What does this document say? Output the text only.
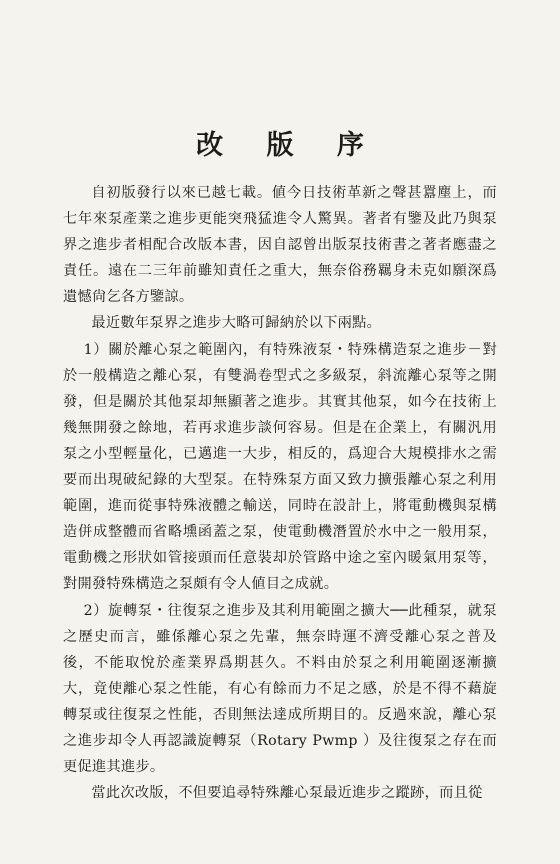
改 版 序

自初版發行以來已越七載。値今日技術革新之聲甚囂塵上，而七年來泵產業之進步更能突飛猛進令人驚異。著者有鑒及此乃與泵界之進步者相配合改版本書，因自認曾出版泵技術書之著者應盡之責任。遠在二三年前雖知責任之重大，無奈俗務羈身未克如願深爲遺憾尙乞各方鑒諒。

最近數年泵界之進步大略可歸納於以下兩點。

1）關於離心泵之範圍內，有特殊液泵・特殊構造泵之進步－對於一般構造之離心泵，有雙渦卷型式之多級泵，斜流離心泵等之開發，但是關於其他泵却無顯著之進步。其實其他泵，如今在技術上幾無開發之餘地，若再求進步談何容易。但是在企業上，有關汎用泵之小型輕量化，已邁進一大步，相反的，爲迎合大規模排水之需要而出現破紀錄的大型泵。在特殊泵方面又致力擴張離心泵之利用範圍，進而從事特殊液體之輸送，同時在設計上，將電動機與泵構造併成整體而省略壎函蓋之泵，使電動機潛置於水中之一般用泵，電動機之形狀如管接頭而任意裝却於管路中途之室內暖氣用泵等，對開發特殊構造之泵頗有令人値目之成就。

2）旋轉泵・往復泵之進步及其利用範圍之擴大──此種泵，就泵之歷史而言，雖係離心泵之先輩，無奈時運不濟受離心泵之普及後，不能取悅於產業界爲期甚久。不料由於泵之利用範圍逐漸擴大，竟使離心泵之性能，有心有餘而力不足之感，於是不得不藉旋轉泵或往復泵之性能，否則無法達成所期目的。反過來說，離心泵之進步却令人再認識旋轉泵（Rotary Pwmp ）及往復泵之存在而更促進其進步。

當此次改版，不但要追尋特殊離心泵最近進步之蹤跡，而且從
